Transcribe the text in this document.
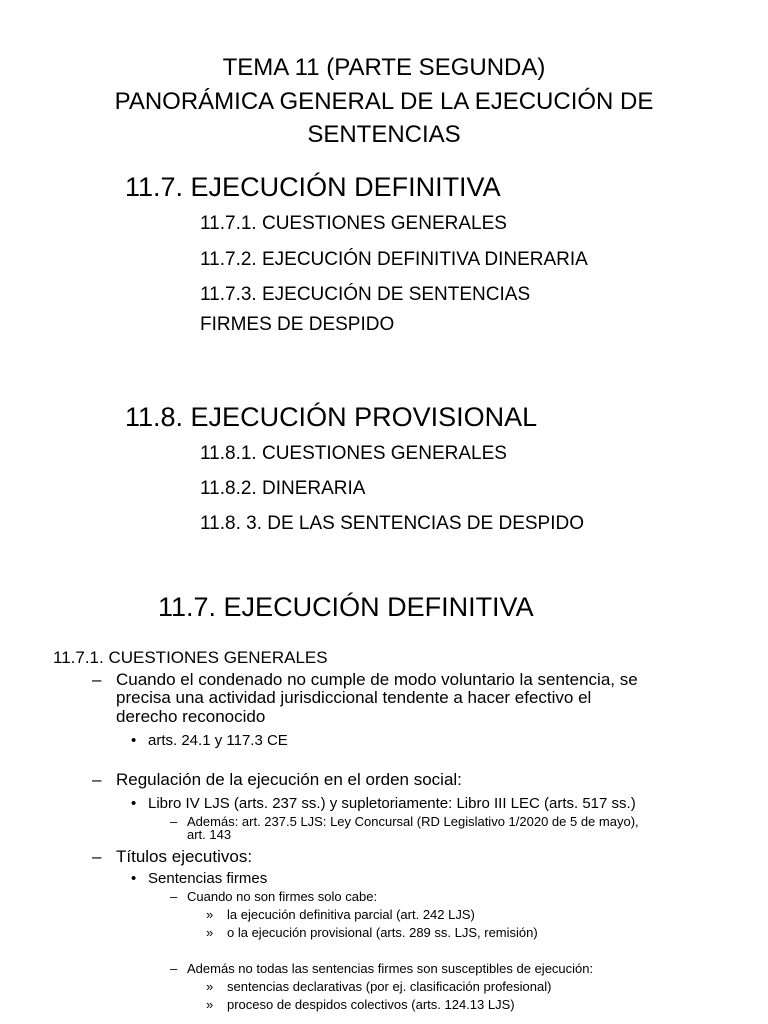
TEMA 11 (PARTE SEGUNDA)
PANORÁMICA GENERAL DE LA EJECUCIÓN DE
SENTENCIAS
11.7. EJECUCIÓN DEFINITIVA
11.7.1. CUESTIONES GENERALES
11.7.2. EJECUCIÓN DEFINITIVA DINERARIA
11.7.3. EJECUCIÓN DE SENTENCIAS
FIRMES DE DESPIDO
11.8. EJECUCIÓN PROVISIONAL
11.8.1. CUESTIONES GENERALES
11.8.2. DINERARIA
11.8. 3. DE LAS SENTENCIAS DE DESPIDO
11.7. EJECUCIÓN DEFINITIVA
11.7.1. CUESTIONES GENERALES
– Cuando el condenado no cumple de modo voluntario la sentencia, se
precisa una actividad jurisdiccional tendente a hacer efectivo el
derecho reconocido
• arts. 24.1 y 117.3 CE
– Regulación de la ejecución en el orden social:
• Libro IV LJS (arts. 237 ss.) y supletoriamente: Libro III LEC (arts. 517 ss.)
– Además: art. 237.5 LJS: Ley Concursal (RD Legislativo 1/2020 de 5 de mayo),
art. 143
– Títulos ejecutivos:
• Sentencias firmes
– Cuando no son firmes solo cabe:
» la ejecución definitiva parcial (art. 242 LJS)
» o la ejecución provisional (arts. 289 ss. LJS, remisión)
– Además no todas las sentencias firmes son susceptibles de ejecución:
» sentencias declarativas (por ej. clasificación profesional)
» proceso de despidos colectivos (arts. 124.13 LJS)
